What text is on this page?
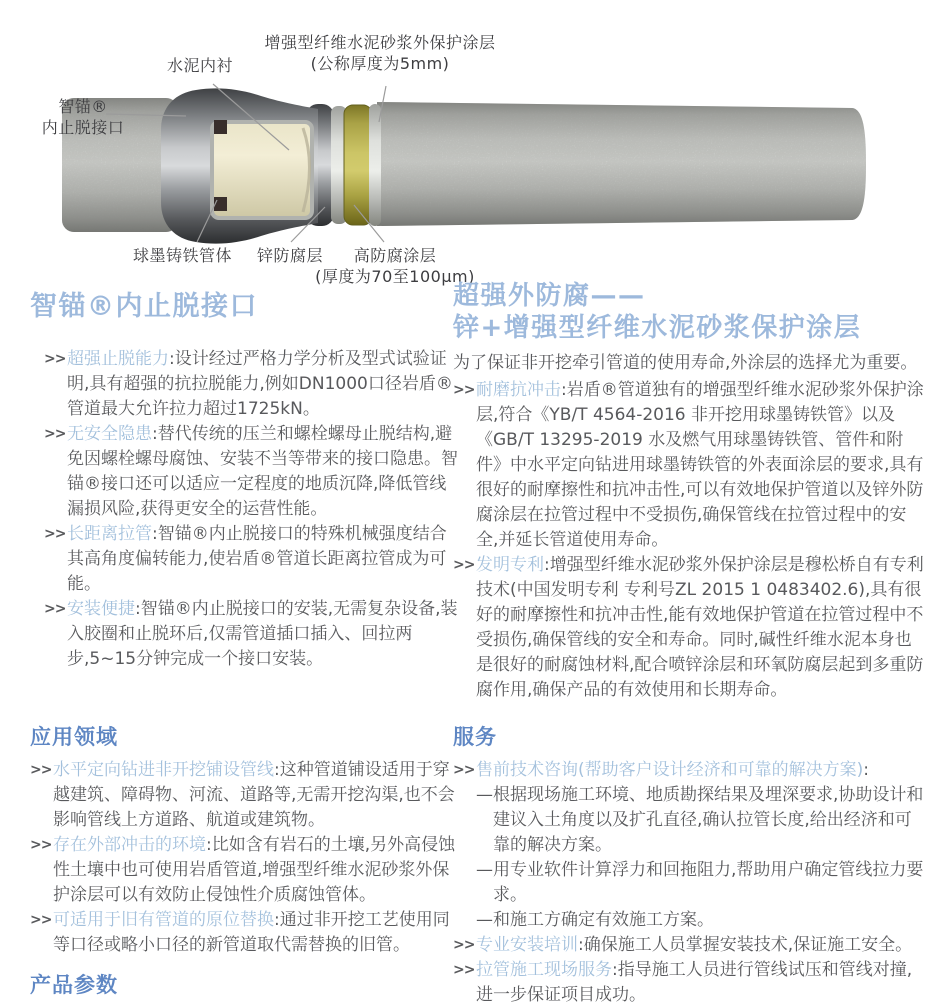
增强型纤维水泥砂浆外保护涂层
(公称厚度为5mm)
水泥内衬
智锚®
内止脱接口
球墨铸铁管体 锌防腐层	高防腐涂层
(厚度为70至100μm)
智锚®内止脱接口
>> 超强止脱能力:设计经过严格力学分析及型式试验证明,具有超强的抗拉脱能力,例如DN1000口径岩盾®管道最大允许拉力超过1725kN。
>> 无安全隐患:替代传统的压兰和螺栓螺母止脱结构,避免因螺栓螺母腐蚀、安装不当等带来的接口隐患。智锚®接口还可以适应一定程度的地质沉降,降低管线漏损风险,获得更安全的运营性能。
>> 长距离拉管:智锚®内止脱接口的特殊机械强度结合其高角度偏转能力,使岩盾®管道长距离拉管成为可能。
>> 安装便捷:智锚®内止脱接口的安装,无需复杂设备,装入胶圈和止脱环后,仅需管道插口插入、回拉两步,5~15分钟完成一个接口安装。
超强外防腐——
锌+增强型纤维水泥砂浆保护涂层
为了保证非开挖牵引管道的使用寿命,外涂层的选择尤为重要。
>> 耐磨抗冲击:岩盾®管道独有的增强型纤维水泥砂浆外保护涂层,符合《YB/T 4564-2016 非开挖用球墨铸铁管》以及《GB/T 13295-2019 水及燃气用球墨铸铁管、管件和附件》中水平定向钻进用球墨铸铁管的外表面涂层的要求,具有很好的耐摩擦性和抗冲击性,可以有效地保护管道以及锌外防腐涂层在拉管过程中不受损伤,确保管线在拉管过程中的安全,并延长管道使用寿命。
>> 发明专利:增强型纤维水泥砂浆外保护涂层是穆松桥自有专利技术(中国发明专利 专利号ZL 2015 1 0483402.6),具有很好的耐摩擦性和抗冲击性,能有效地保护管道在拉管过程中不受损伤,确保管线的安全和寿命。同时,碱性纤维水泥本身也是很好的耐腐蚀材料,配合喷锌涂层和环氧防腐层起到多重防腐作用,确保产品的有效使用和长期寿命。
应用领域
>> 水平定向钻进非开挖铺设管线:这种管道铺设适用于穿越建筑、障碍物、河流、道路等,无需开挖沟渠,也不会影响管线上方道路、航道或建筑物。
>> 存在外部冲击的环境:比如含有岩石的土壤,另外高侵蚀性土壤中也可使用岩盾管道,增强型纤维水泥砂浆外保护涂层可以有效防止侵蚀性介质腐蚀管体。
>> 可适用于旧有管道的原位替换:通过非开挖工艺使用同等口径或略小口径的新管道取代需替换的旧管。
服务
>> 售前技术咨询(帮助客户设计经济和可靠的解决方案):
—根据现场施工环境、地质勘探结果及埋深要求,协助设计和建议入土角度以及扩孔直径,确认拉管长度,给出经济和可靠的解决方案。
—用专业软件计算浮力和回拖阻力,帮助用户确定管线拉力要求。
—和施工方确定有效施工方案。
>> 专业安装培训:确保施工人员掌握安装技术,保证施工安全。
>> 拉管施工现场服务:指导施工人员进行管线试压和管线对撞,进一步保证项目成功。
产品参数
